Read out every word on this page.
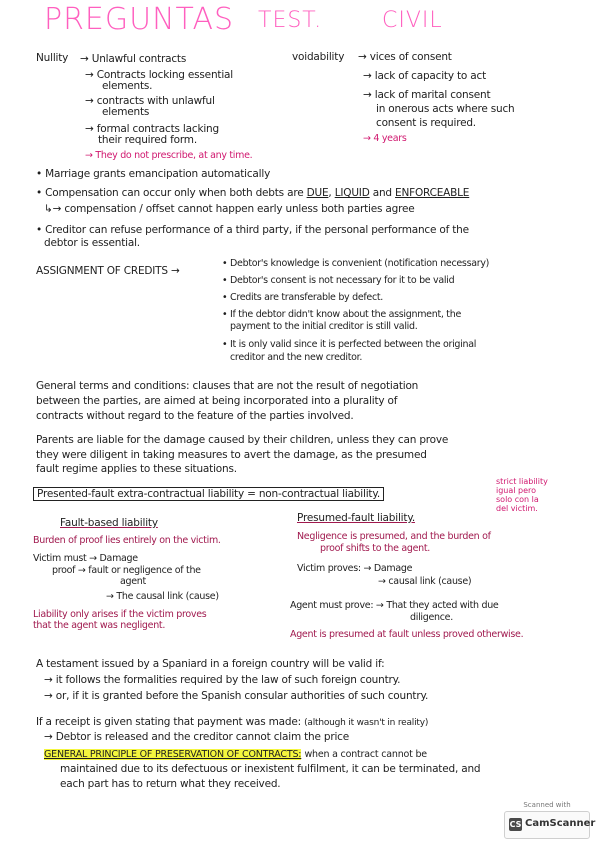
PREGUNTAS TEST.	CIVIL
Nullity → Unlawful contracts
→ Contracts locking essential
elements.
→ contracts with unlawful
elements
→ formal contracts lacking
their required form.
→ They do not prescribe, at any time.
voidability → vices of consent
→ lack of capacity to act
→ lack of marital consent
in onerous acts where such
consent is required.
→ 4 years
• Marriage grants emancipation automatically
• Compensation can occur only when both debts are DUE, LIQUID and ENFORCEABLE
↳→ compensation / offset cannot happen early unless both parties agree
• Creditor can refuse performance of a third party, if the personal performance of the
debtor is essential.
ASSIGNMENT OF CREDITS →
• Debtor's knowledge is convenient (notification necessary)
• Debtor's consent is not necessary for it to be valid
• Credits are transferable by defect.
• If the debtor didn't know about the assignment, the
payment to the initial creditor is still valid.
• It is only valid since it is perfected between the original
creditor and the new creditor.
General terms and conditions: clauses that are not the result of negotiation
between the parties, are aimed at being incorporated into a plurality of
contracts without regard to the feature of the parties involved.
Parents are liable for the damage caused by their children, unless they can prove
they were diligent in taking measures to avert the damage, as the presumed
fault regime applies to these situations.
Presented-fault extra-contractual liability = non-contractual liability.
strict liability
igual pero
solo con la
del victim.
Fault-based liability
Burden of proof lies entirely on the victim.
Victim must → Damage
proof → fault or negligence of the
agent
→ The causal link (cause)
Liability only arises if the victim proves
that the agent was negligent.
Presumed-fault liability.
Negligence is presumed, and the burden of
proof shifts to the agent.
Victim proves: → Damage
→ causal link (cause)
Agent must prove: → That they acted with due
diligence.
Agent is presumed at fault unless proved otherwise.
A testament issued by a Spaniard in a foreign country will be valid if:
→ it follows the formalities required by the law of such foreign country.
→ or, if it is granted before the Spanish consular authorities of such country.
If a receipt is given stating that payment was made: (although it wasn't in reality)
→ Debtor is released and the creditor cannot claim the price
GENERAL PRINCIPLE OF PRESERVATION OF CONTRACTS: when a contract cannot be
maintained due to its defectuous or inexistent fulfilment, it can be terminated, and
each part has to return what they received.
Scanned with
CS CamScanner
